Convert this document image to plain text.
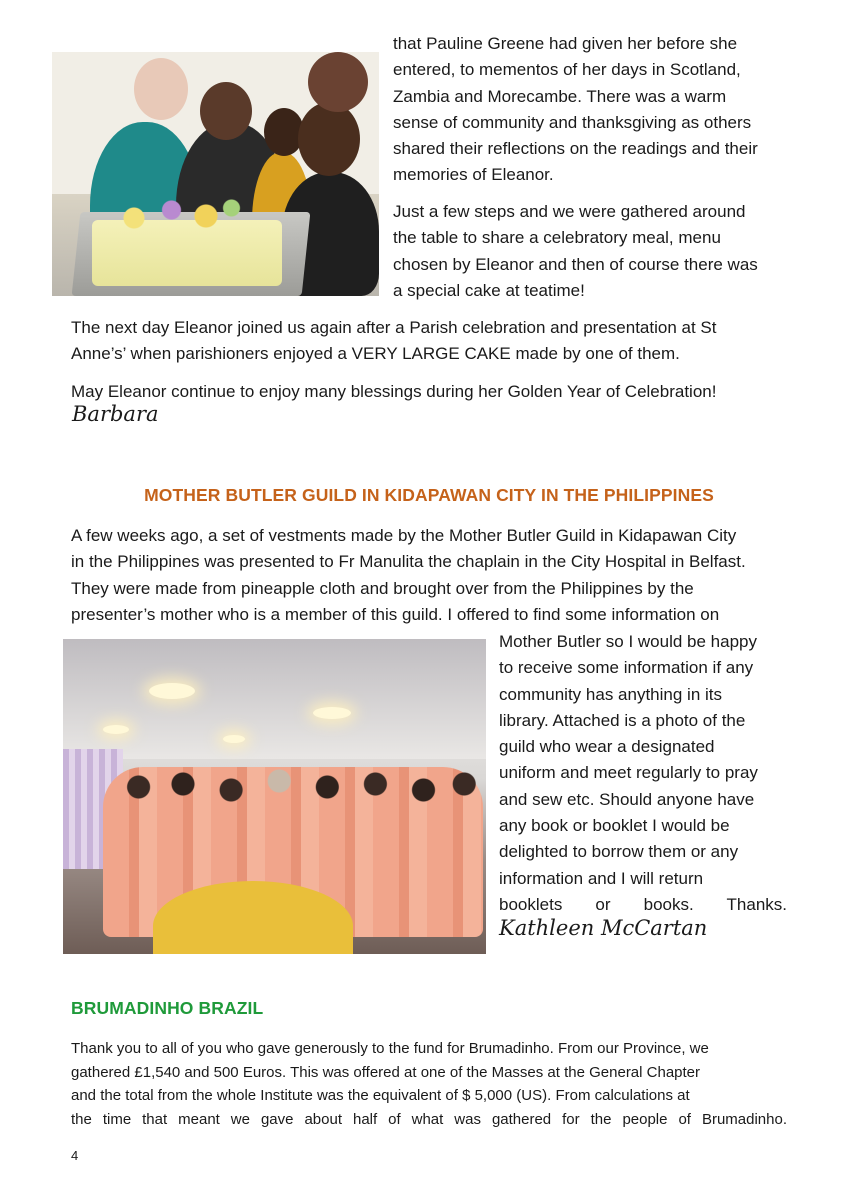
that Pauline Greene had given her before she

entered, to mementos of her days in Scotland,

Zambia and Morecambe. There was a warm

sense of community and thanksgiving as others

shared their reflections on the readings and their

memories of Eleanor.

Just a few steps and we were gathered around

the table to share a celebratory meal, menu

chosen by Eleanor and then of course there was

a special cake at teatime!

The next day Eleanor joined us again after a Parish celebration and presentation at St

Anne’s’ when parishioners enjoyed a VERY LARGE CAKE made by one of them.

May Eleanor continue to enjoy many blessings during her Golden Year of Celebration!

Barbara

MOTHER BUTLER GUILD IN KIDAPAWAN CITY IN THE PHILIPPINES

A few weeks ago, a set of vestments made by the Mother Butler Guild in Kidapawan City

in the Philippines was presented to Fr Manulita the chaplain in the City Hospital in Belfast.

They were made from pineapple cloth and brought over from the Philippines by the

presenter’s mother who is a member of this guild. I offered to find some information on

Mother Butler so I would be happy

to receive some information if any

community has anything in its

library. Attached is a photo of the

guild who wear a designated

uniform and meet regularly to pray

and sew etc. Should anyone have

any book or booklet I would be

delighted to borrow them or any

information and I will return

booklets or books. Thanks.

Kathleen McCartan

BRUMADINHO BRAZIL

Thank you to all of you who gave generously to the fund for Brumadinho. From our Province, we

gathered £1,540 and 500 Euros. This was offered at one of the Masses at the General Chapter

and the total from the whole Institute was the equivalent of $ 5,000 (US). From calculations at

the time that meant we gave about half of what was gathered for the people of Brumadinho.

4
